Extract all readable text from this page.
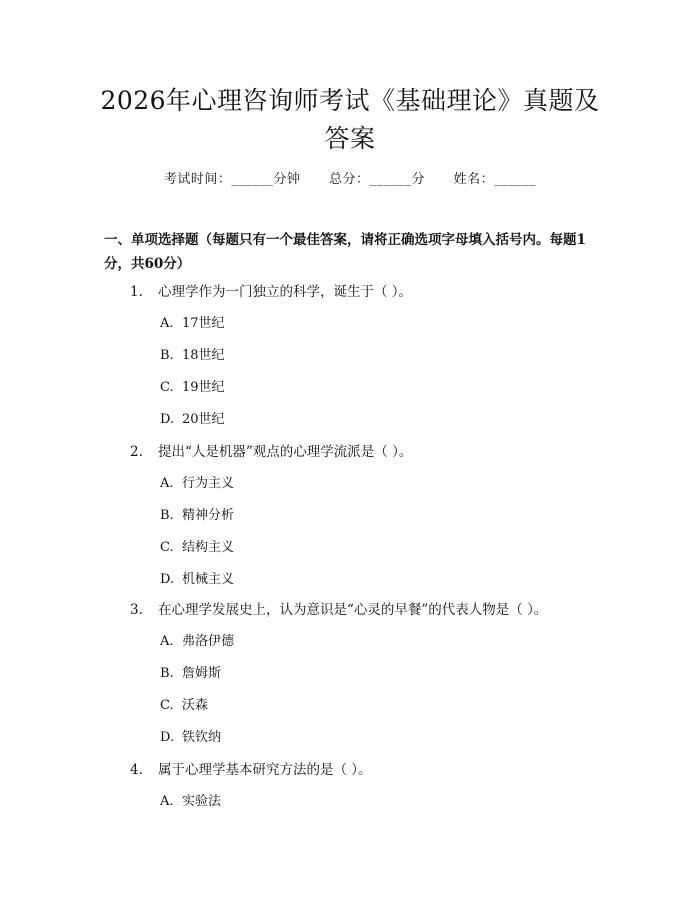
2026年心理咨询师考试《基础理论》真题及
答案
考试时间：______分钟 总分：______分 姓名：______
一、单项选择题（每题只有一个最佳答案，请将正确选项字母填入括号内。每题1
分，共60分）
1. 心理学作为一门独立的科学，诞生于（ ）。
A. 17世纪
B. 18世纪
C. 19世纪
D. 20世纪
2. 提出“人是机器”观点的心理学流派是（ ）。
A. 行为主义
B. 精神分析
C. 结构主义
D. 机械主义
3. 在心理学发展史上，认为意识是“心灵的早餐”的代表人物是（ ）。
A. 弗洛伊德
B. 詹姆斯
C. 沃森
D. 铁钦纳
4. 属于心理学基本研究方法的是（ ）。
A. 实验法
